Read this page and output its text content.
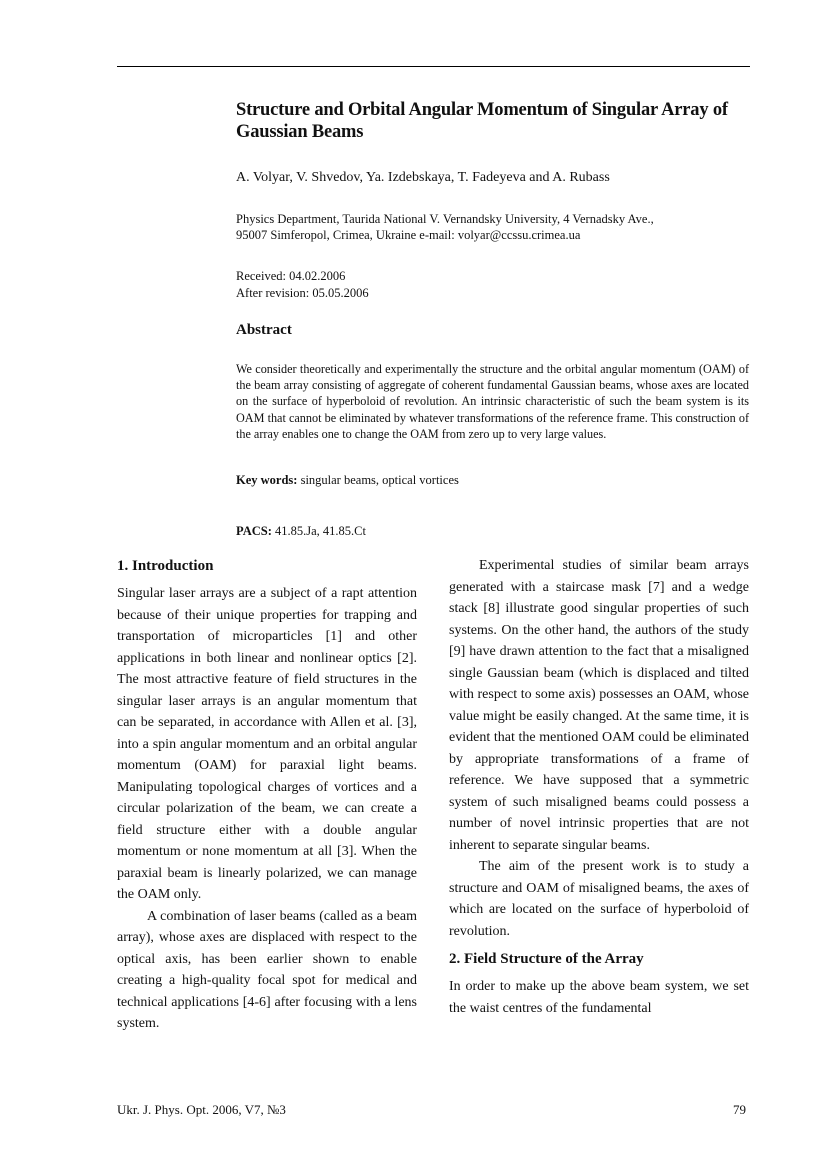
Structure and Orbital Angular Momentum of Singular Array of Gaussian Beams
A. Volyar, V. Shvedov, Ya. Izdebskaya, T. Fadeyeva and A. Rubass
Physics Department, Taurida National V. Vernandsky University, 4 Vernadsky Ave.,
95007 Simferopol, Crimea, Ukraine e-mail: volyar@ccssu.crimea.ua
Received: 04.02.2006
After revision: 05.05.2006
Abstract

We consider theoretically and experimentally the structure and the orbital angular momentum (OAM) of the beam array consisting of aggregate of coherent fundamental Gaussian beams, whose axes are located on the surface of hyperboloid of revolution. An intrinsic characteristic of such the beam system is its OAM that cannot be eliminated by whatever transformations of the reference frame. This construction of the array enables one to change the OAM from zero up to very large values.

Key words: singular beams, optical vortices
PACS: 41.85.Ja, 41.85.Ct
1. Introduction

Singular laser arrays are a subject of a rapt attention because of their unique properties for trapping and transportation of microparticles [1] and other applications in both linear and nonlinear optics [2]. The most attractive feature of field structures in the singular laser arrays is an angular momentum that can be separated, in accordance with Allen et al. [3], into a spin angular momentum and an orbital angular momentum (OAM) for paraxial light beams. Manipulating topological charges of vortices and a circular polarization of the beam, we can create a field structure either with a double angular momentum or none momentum at all [3]. When the paraxial beam is linearly polarized, we can manage the OAM only.

A combination of laser beams (called as a beam array), whose axes are displaced with respect to the optical axis, has been earlier shown to enable creating a high-quality focal spot for medical and technical applications [4-6] after focusing with a lens system.

Experimental studies of similar beam arrays generated with a staircase mask [7] and a wedge stack [8] illustrate good singular properties of such systems. On the other hand, the authors of the study [9] have drawn attention to the fact that a misaligned single Gaussian beam (which is displaced and tilted with respect to some axis) possesses an OAM, whose value might be easily changed. At the same time, it is evident that the mentioned OAM could be eliminated by appropriate transformations of a frame of reference. We have supposed that a symmetric system of such misaligned beams could possess a number of novel intrinsic properties that are not inherent to separate singular beams.

The aim of the present work is to study a structure and OAM of misaligned beams, the axes of which are located on the surface of hyperboloid of revolution.

2. Field Structure of the Array

In order to make up the above beam system, we set the waist centres of the fundamental

Ukr. J. Phys. Opt. 2006, V7, №3	79
